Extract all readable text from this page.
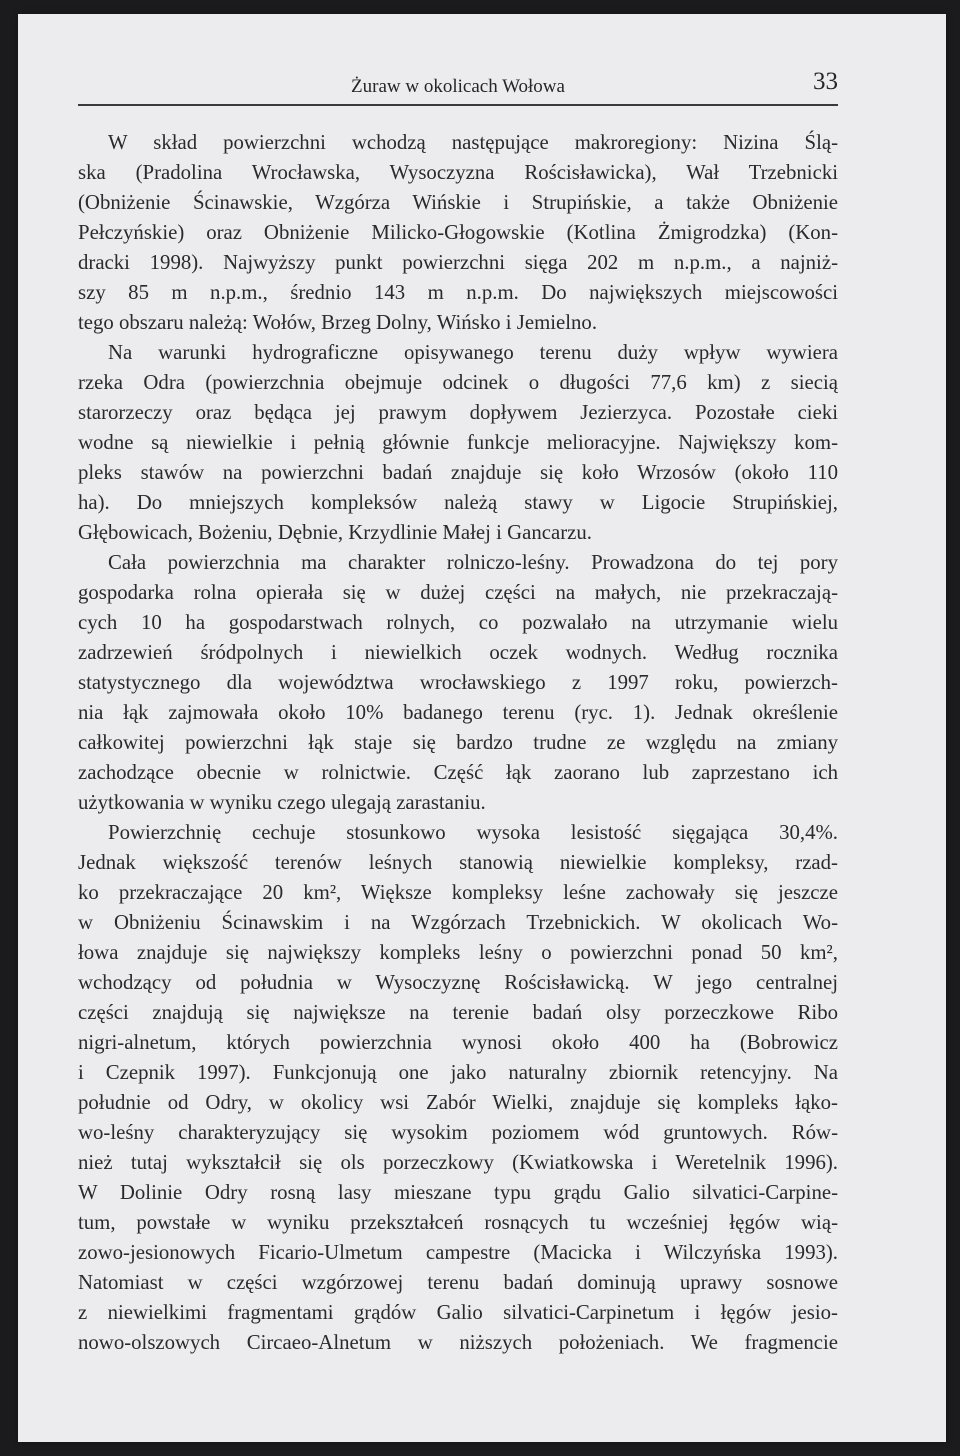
Żuraw w okolicach Wołowa	33
W skład powierzchni wchodzą następujące makroregiony: Nizina Ślą-
ska (Pradolina Wrocławska, Wysoczyzna Rościsławicka), Wał Trzebnicki
(Obniżenie Ścinawskie, Wzgórza Wińskie i Strupińskie, a także Obniżenie
Pełczyńskie) oraz Obniżenie Milicko-Głogowskie (Kotlina Żmigrodzka) (Kon-
dracki 1998). Najwyższy punkt powierzchni sięga 202 m n.p.m., a najniż-
szy 85 m n.p.m., średnio 143 m n.p.m. Do największych miejscowości
tego obszaru należą: Wołów, Brzeg Dolny, Wińsko i Jemielno.
Na warunki hydrograficzne opisywanego terenu duży wpływ wywiera
rzeka Odra (powierzchnia obejmuje odcinek o długości 77,6 km) z siecią
starorzeczy oraz będąca jej prawym dopływem Jezierzyca. Pozostałe cieki
wodne są niewielkie i pełnią głównie funkcje melioracyjne. Największy kom-
pleks stawów na powierzchni badań znajduje się koło Wrzosów (około 110
ha). Do mniejszych kompleksów należą stawy w Ligocie Strupińskiej,
Głębowicach, Bożeniu, Dębnie, Krzydlinie Małej i Gancarzu.
Cała powierzchnia ma charakter rolniczo-leśny. Prowadzona do tej pory
gospodarka rolna opierała się w dużej części na małych, nie przekraczają-
cych 10 ha gospodarstwach rolnych, co pozwalało na utrzymanie wielu
zadrzewień śródpolnych i niewielkich oczek wodnych. Według rocznika
statystycznego dla województwa wrocławskiego z 1997 roku, powierzch-
nia łąk zajmowała około 10% badanego terenu (ryc. 1). Jednak określenie
całkowitej powierzchni łąk staje się bardzo trudne ze względu na zmiany
zachodzące obecnie w rolnictwie. Część łąk zaorano lub zaprzestano ich
użytkowania w wyniku czego ulegają zarastaniu.
Powierzchnię cechuje stosunkowo wysoka lesistość sięgająca 30,4%.
Jednak większość terenów leśnych stanowią niewielkie kompleksy, rzad-
ko przekraczające 20 km², Większe kompleksy leśne zachowały się jeszcze
w Obniżeniu Ścinawskim i na Wzgórzach Trzebnickich. W okolicach Wo-
łowa znajduje się największy kompleks leśny o powierzchni ponad 50 km²,
wchodzący od południa w Wysoczyznę Rościsławicką. W jego centralnej
części znajdują się największe na terenie badań olsy porzeczkowe Ribo
nigri-alnetum, których powierzchnia wynosi około 400 ha (Bobrowicz
i Czepnik 1997). Funkcjonują one jako naturalny zbiornik retencyjny. Na
południe od Odry, w okolicy wsi Zabór Wielki, znajduje się kompleks łąko-
wo-leśny charakteryzujący się wysokim poziomem wód gruntowych. Rów-
nież tutaj wykształcił się ols porzeczkowy (Kwiatkowska i Weretelnik 1996).
W Dolinie Odry rosną lasy mieszane typu grądu Galio silvatici-Carpine-
tum, powstałe w wyniku przekształceń rosnących tu wcześniej łęgów wią-
zowo-jesionowych Ficario-Ulmetum campestre (Macicka i Wilczyńska 1993).
Natomiast w części wzgórzowej terenu badań dominują uprawy sosnowe
z niewielkimi fragmentami grądów Galio silvatici-Carpinetum i łęgów jesio-
nowo-olszowych Circaeo-Alnetum w niższych położeniach. We fragmencie
